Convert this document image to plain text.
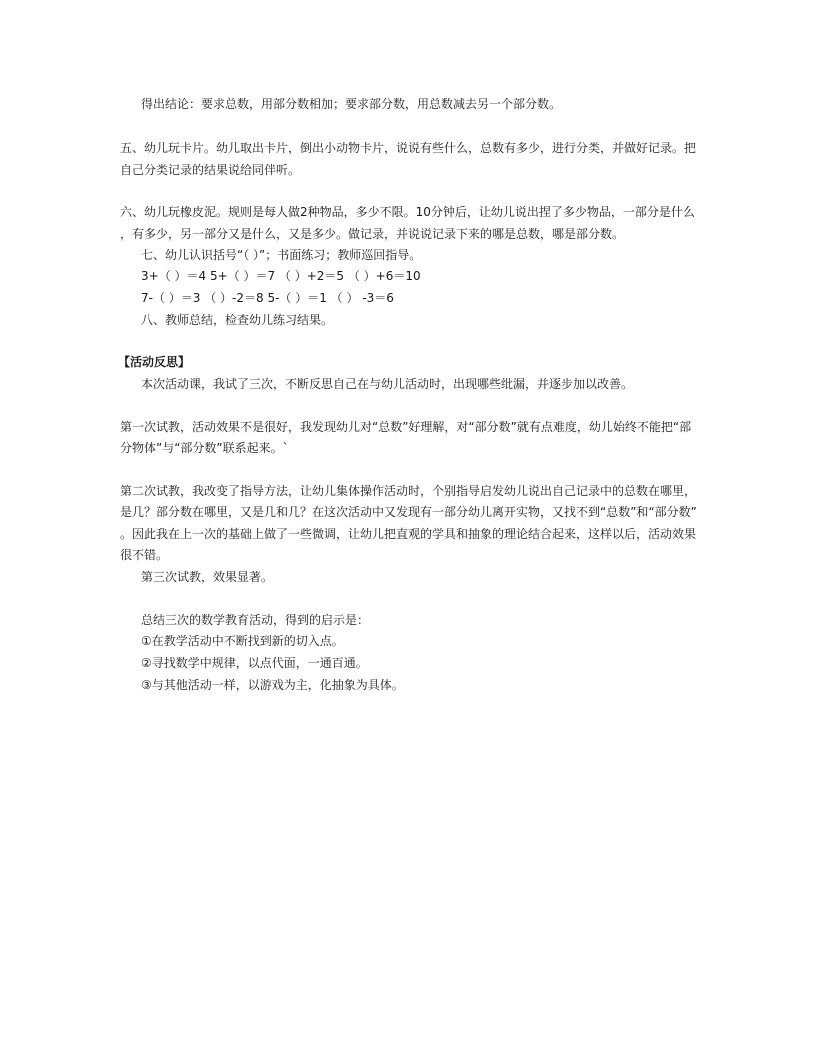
得出结论：要求总数，用部分数相加；要求部分数，用总数减去另一个部分数。
五、幼儿玩卡片。幼儿取出卡片，倒出小动物卡片，说说有些什么，总数有多少，进行分类，并做好记录。把
自己分类记录的结果说给同伴听。
六、幼儿玩橡皮泥。规则是每人做2种物品，多少不限。10分钟后，让幼儿说出捏了多少物品，一部分是什么
，有多少，另一部分又是什么，又是多少。做记录，并说说记录下来的哪是总数，哪是部分数。
七、幼儿认识括号“（ ）”；书面练习；教师巡回指导。
3+（ ）＝4 5+（ ）＝7 （ ）+2＝5 （ ）+6＝10
7-（ ）＝3 （ ）-2＝8 5-（ ）＝1 （ ） -3＝6
八、教师总结，检查幼儿练习结果。
【活动反思】
本次活动课，我试了三次，不断反思自己在与幼儿活动时，出现哪些纰漏，并逐步加以改善。
第一次试教，活动效果不是很好，我发现幼儿对“总数”好理解，对“部分数”就有点难度，幼儿始终不能把“部
分物体”与“部分数”联系起来。`
第二次试教，我改变了指导方法，让幼儿集体操作活动时，个别指导启发幼儿说出自己记录中的总数在哪里，
是几？部分数在哪里，又是几和几？在这次活动中又发现有一部分幼儿离开实物，又找不到“总数”和“部分数”
。因此我在上一次的基础上做了一些微调，让幼儿把直观的学具和抽象的理论结合起来，这样以后，活动效果
很不错。
第三次试教，效果显著。
总结三次的数学教育活动，得到的启示是：
①在教学活动中不断找到新的切入点。
②寻找数学中规律，以点代面，一通百通。
③与其他活动一样，以游戏为主，化抽象为具体。
